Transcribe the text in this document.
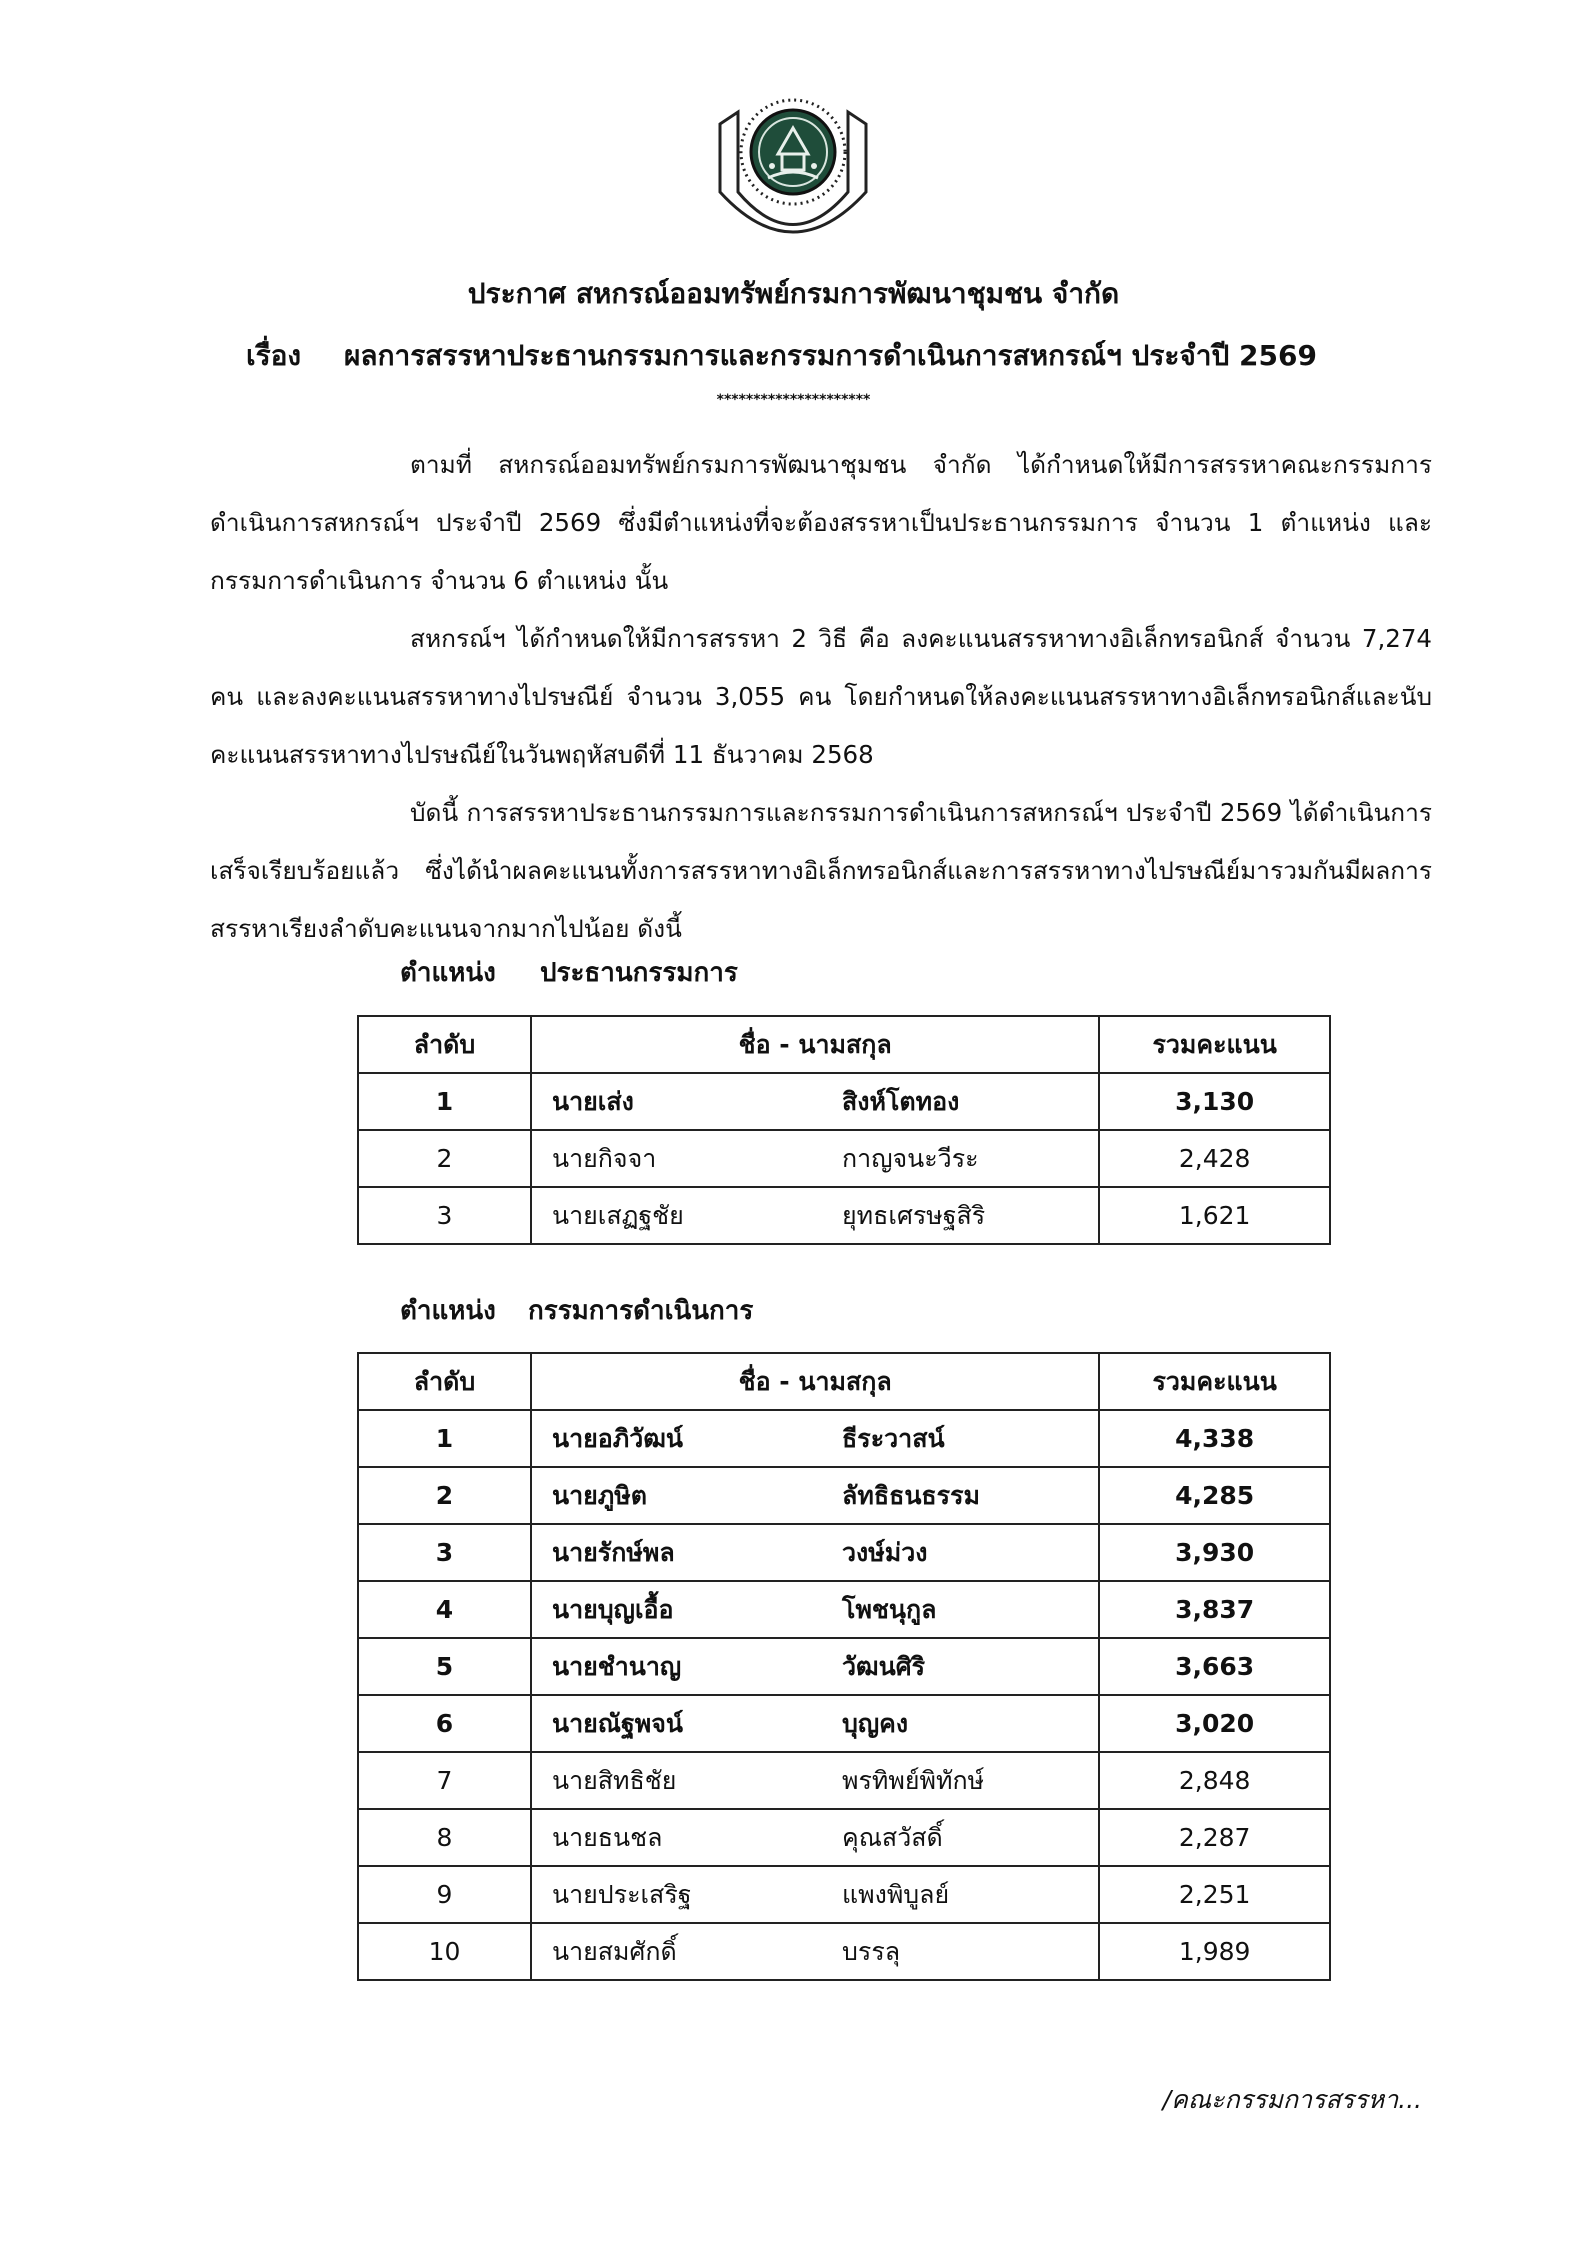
ประกาศ สหกรณ์ออมทรัพย์กรมการพัฒนาชุมชน จำกัด
เรื่อง ผลการสรรหาประธานกรรมการและกรรมการดำเนินการสหกรณ์ฯ ประจำปี 2569
*********************
ตามที่ สหกรณ์ออมทรัพย์กรมการพัฒนาชุมชน จำกัด ได้กำหนดให้มีการสรรหาคณะกรรมการดำเนินการสหกรณ์ฯ ประจำปี 2569 ซึ่งมีตำแหน่งที่จะต้องสรรหาเป็นประธานกรรมการ จำนวน 1 ตำแหน่ง และกรรมการดำเนินการ จำนวน 6 ตำแหน่ง นั้น
สหกรณ์ฯ ได้กำหนดให้มีการสรรหา 2 วิธี คือ ลงคะแนนสรรหาทางอิเล็กทรอนิกส์ จำนวน 7,274 คน และลงคะแนนสรรหาทางไปรษณีย์ จำนวน 3,055 คน โดยกำหนดให้ลงคะแนนสรรหาทางอิเล็กทรอนิกส์และนับคะแนนสรรหาทางไปรษณีย์ในวันพฤหัสบดีที่ 11 ธันวาคม 2568
บัดนี้ การสรรหาประธานกรรมการและกรรมการดำเนินการสหกรณ์ฯ ประจำปี 2569 ได้ดำเนินการเสร็จเรียบร้อยแล้ว ซึ่งได้นำผลคะแนนทั้งการสรรหาทางอิเล็กทรอนิกส์และการสรรหาทางไปรษณีย์มารวมกันมีผลการสรรหาเรียงลำดับคะแนนจากมากไปน้อย ดังนี้
ตำแหน่ง ประธานกรรมการ
ลำดับ	ชื่อ - นามสกุล	รวมคะแนน
1	นายเส่ง สิงห์โตทอง	3,130
2	นายกิจจา กาญจนะวีระ	2,428
3	นายเสฏฐชัย ยุทธเศรษฐสิริ	1,621
ตำแหน่ง กรรมการดำเนินการ
ลำดับ	ชื่อ - นามสกุล	รวมคะแนน
1	นายอภิวัฒน์ ธีระวาสน์	4,338
2	นายภูษิต ลัทธิธนธรรม	4,285
3	นายรักษ์พล วงษ์ม่วง	3,930
4	นายบุญเอื้อ โพชนุกูล	3,837
5	นายชำนาญ วัฒนศิริ	3,663
6	นายณัฐพจน์ บุญคง	3,020
7	นายสิทธิชัย พรทิพย์พิทักษ์	2,848
8	นายธนชล คุณสวัสดิ์	2,287
9	นายประเสริฐ แพงพิบูลย์	2,251
10	นายสมศักดิ์ บรรลุ	1,989
/คณะกรรมการสรรหา...
